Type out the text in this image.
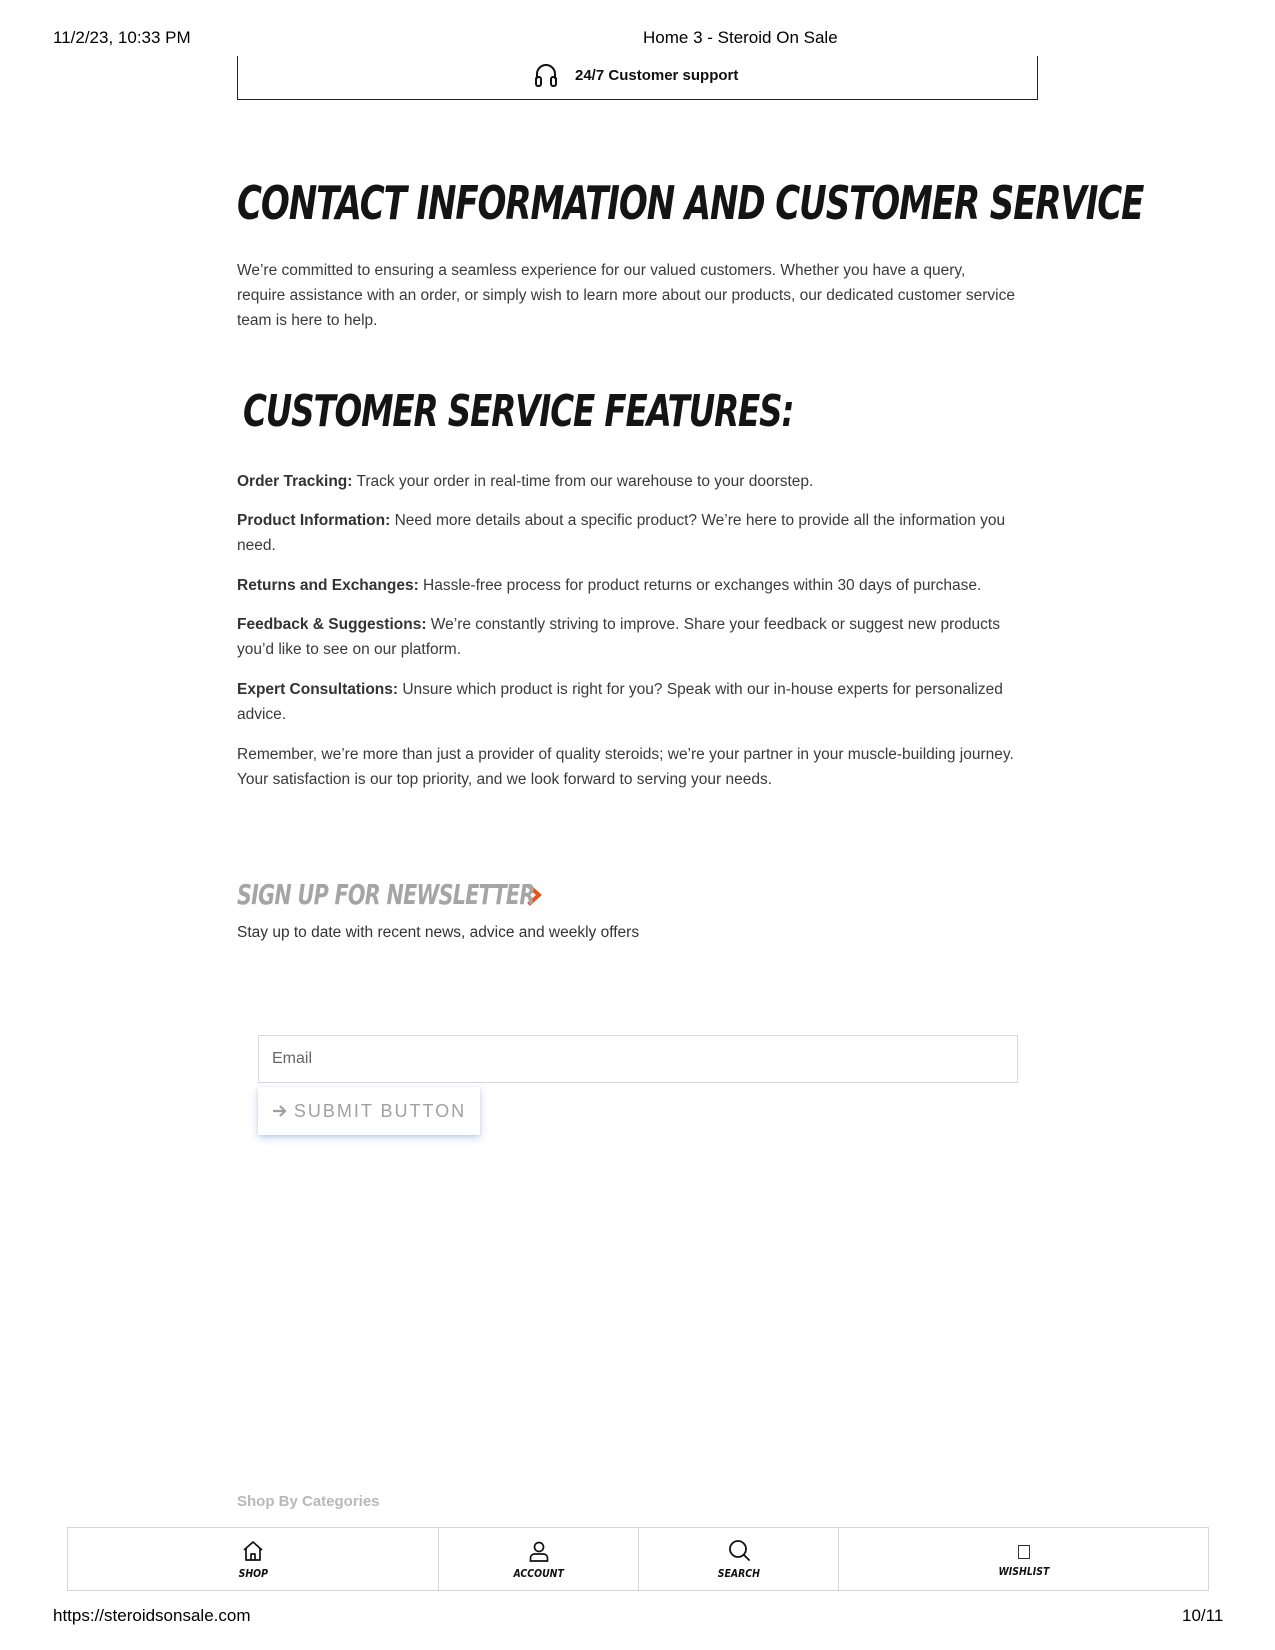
11/2/23, 10:33 PM	Home 3 - Steroid On Sale
24/7 Customer support
CONTACT INFORMATION AND CUSTOMER SERVICE
We’re committed to ensuring a seamless experience for our valued customers. Whether you have a query, require assistance with an order, or simply wish to learn more about our products, our dedicated customer service team is here to help.
CUSTOMER SERVICE FEATURES:
Order Tracking: Track your order in real-time from our warehouse to your doorstep.
Product Information: Need more details about a specific product? We’re here to provide all the information you need.
Returns and Exchanges: Hassle-free process for product returns or exchanges within 30 days of purchase.
Feedback & Suggestions: We’re constantly striving to improve. Share your feedback or suggest new products you’d like to see on our platform.
Expert Consultations: Unsure which product is right for you? Speak with our in-house experts for personalized advice.
Remember, we’re more than just a provider of quality steroids; we’re your partner in your muscle-building journey. Your satisfaction is our top priority, and we look forward to serving your needs.
SIGN UP FOR NEWSLETTER
Stay up to date with recent news, advice and weekly offers
Email
SUBMIT BUTTON
Shop By Categories
SHOP	ACCOUNT	SEARCH	WISHLIST
https://steroidsonsale.com	10/11
